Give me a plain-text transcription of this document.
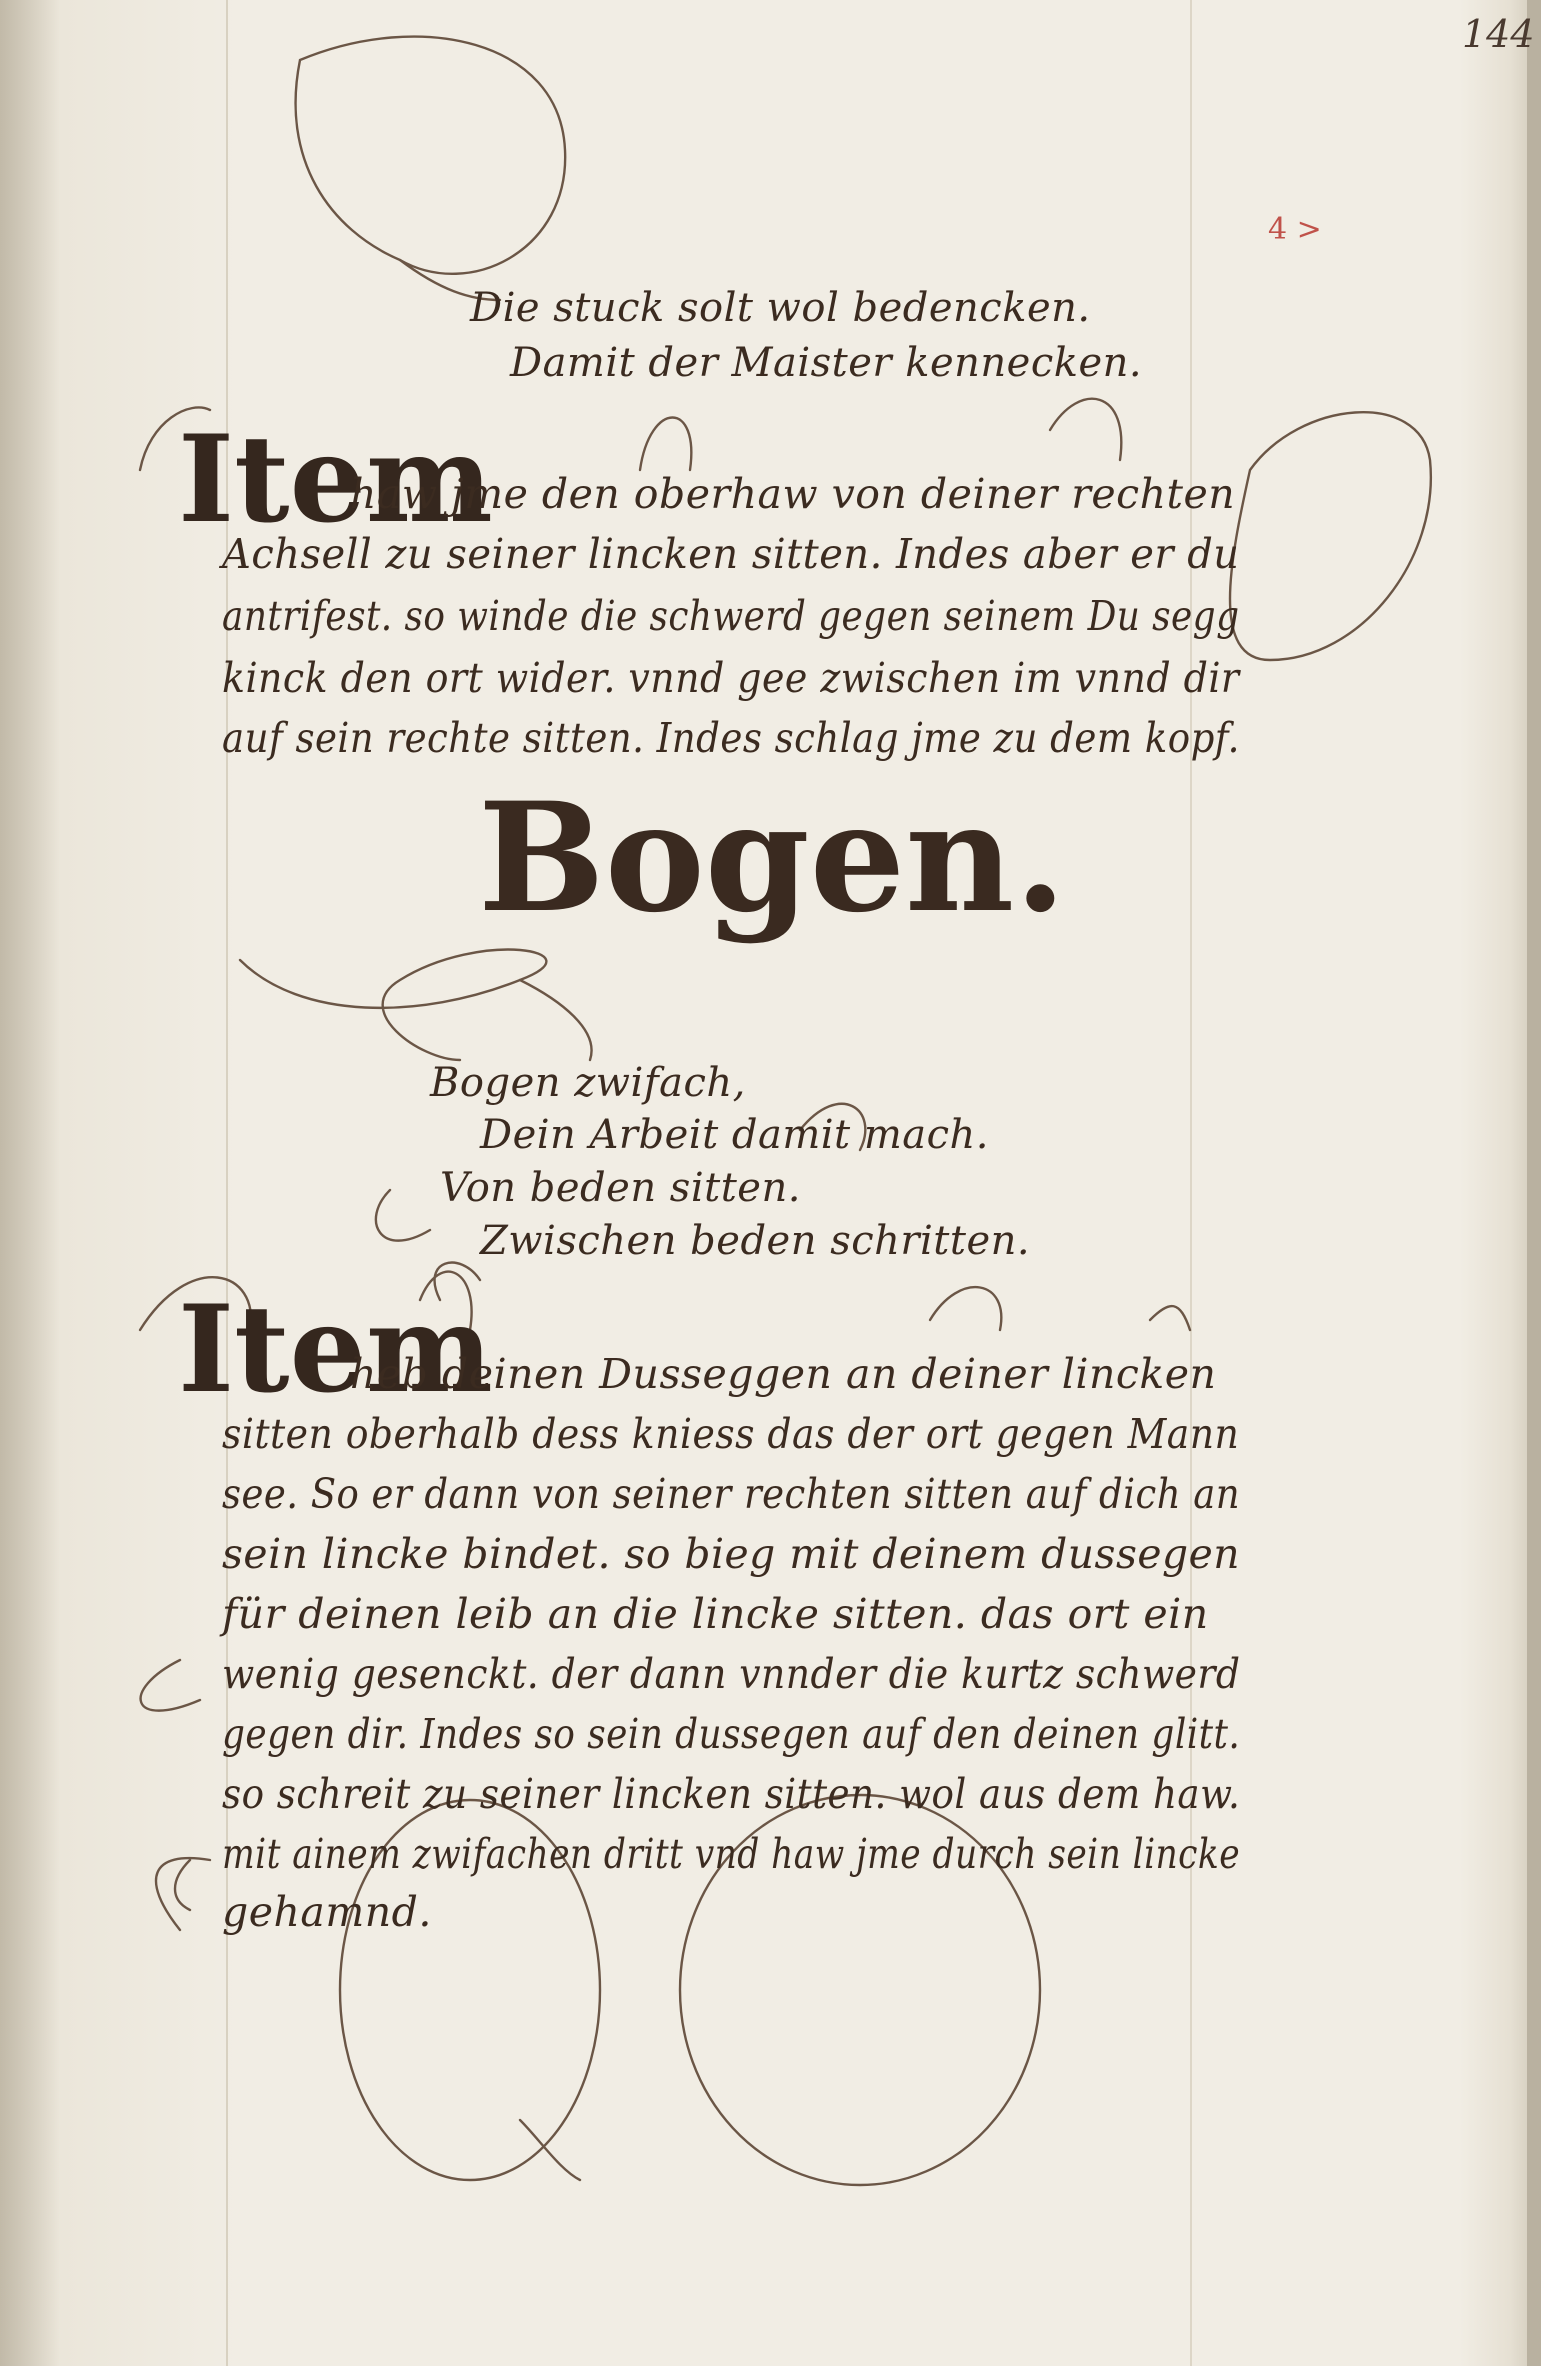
144
4 >
Die stuck solt wol bedencken.
Damit der Maister kennecken.
Item
haw jme den oberhaw von deiner rechten
Achsell zu seiner lincken sitten. Indes aber er du
antrifest. so winde die schwerd gegen seinem Du segg
kinck den ort wider. vnnd gee zwischen im vnnd dir
auf sein rechte sitten. Indes schlag jme zu dem kopf.
Bogen.
Bogen zwifach,
Dein Arbeit damit mach.
Von beden sitten.
Zwischen beden schritten.
Item
heb deinen Dusseggen an deiner lincken
sitten oberhalb dess kniess das der ort gegen Mann
see. So er dann von seiner rechten sitten auf dich an
sein lincke bindet. so bieg mit deinem dussegen
für deinen leib an die lincke sitten. das ort ein
wenig gesenckt. der dann vnnder die kurtz schwerd
gegen dir. Indes so sein dussegen auf den deinen glitt.
so schreit zu seiner lincken sitten. wol aus dem haw.
mit ainem zwifachen dritt vnd haw jme durch sein lincke
gehamnd.
